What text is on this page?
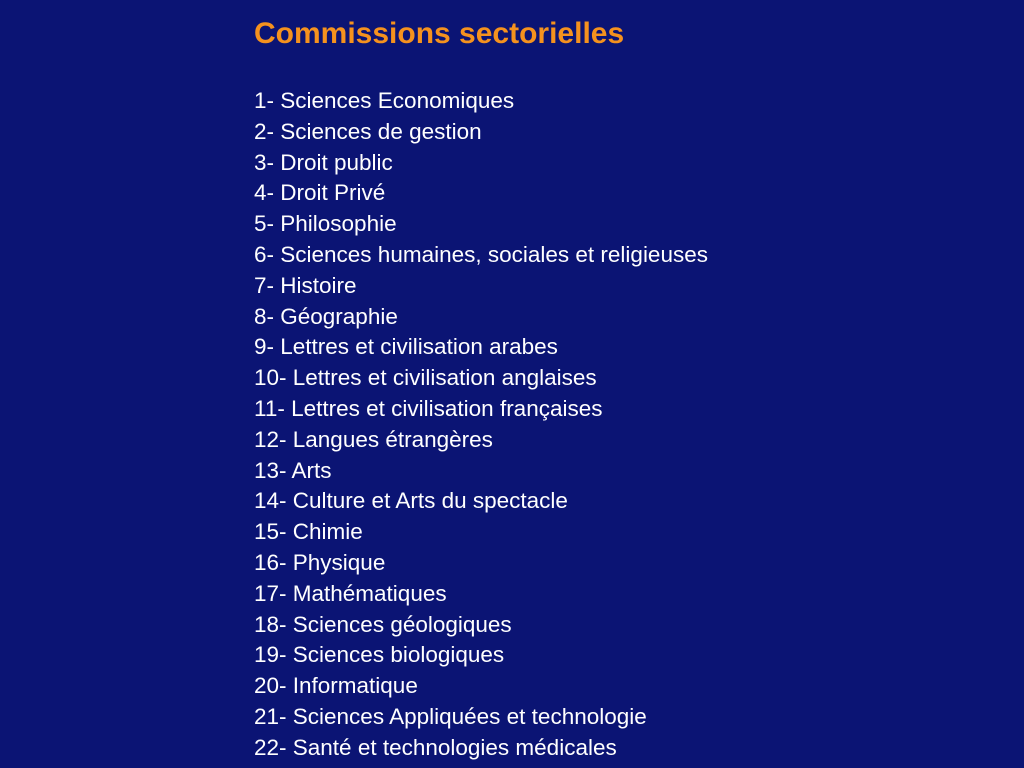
Commissions sectorielles
1- Sciences Economiques
2- Sciences de gestion
3- Droit public
4- Droit Privé
5- Philosophie
6- Sciences humaines, sociales et religieuses
7- Histoire
8- Géographie
9- Lettres et civilisation arabes
10- Lettres et civilisation anglaises
11- Lettres et civilisation françaises
12- Langues étrangères
13- Arts
14- Culture et Arts du spectacle
15- Chimie
16- Physique
17- Mathématiques
18- Sciences géologiques
19- Sciences biologiques
20- Informatique
21- Sciences Appliquées et technologie
22- Santé et technologies médicales
